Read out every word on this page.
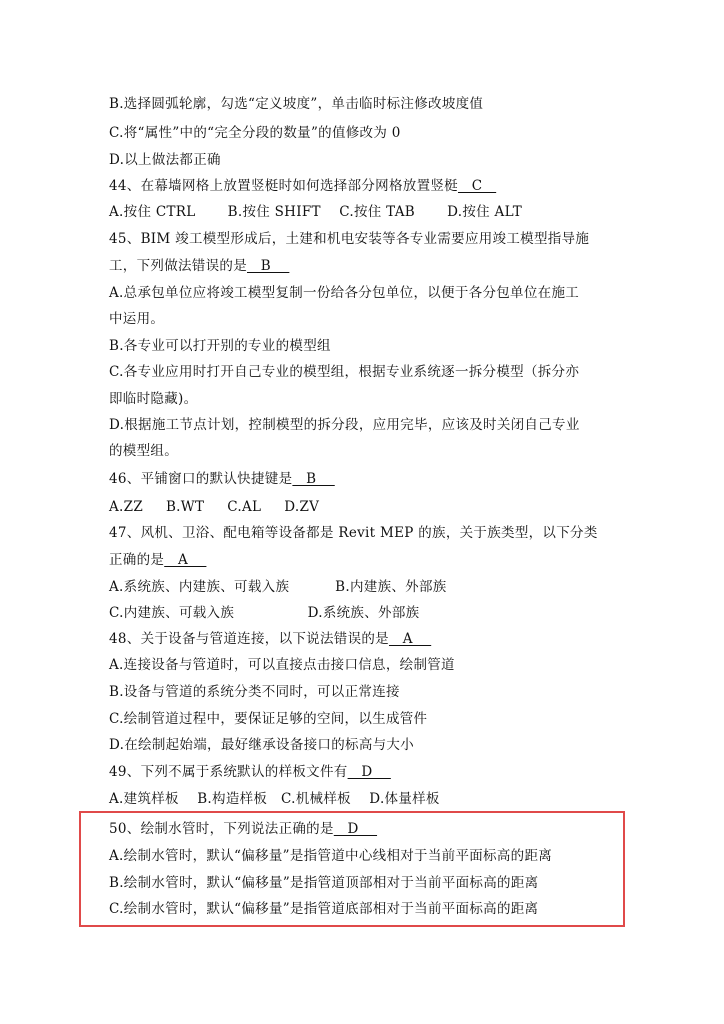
B.选择圆弧轮廓，勾选“定义坡度”，单击临时标注修改坡度值
C.将“属性”中的“完全分段的数量”的值修改为 0
D.以上做法都正确
44、在幕墙网格上放置竖梃时如何选择部分网格放置竖梃   C
A.按住 CTRL       B.按住 SHIFT    C.按住 TAB       D.按住 ALT
45、BIM 竣工模型形成后，土建和机电安装等各专业需要应用竣工模型指导施
工，下列做法错误的是   B
A.总承包单位应将竣工模型复制一份给各分包单位，以便于各分包单位在施工
中运用。
B.各专业可以打开别的专业的模型组
C.各专业应用时打开自己专业的模型组，根据专业系统逐一拆分模型（拆分亦
即临时隐藏)。
D.根据施工节点计划，控制模型的拆分段，应用完毕，应该及时关闭自己专业
的模型组。
46、平铺窗口的默认快捷键是   B
A.ZZ     B.WT     C.AL     D.ZV
47、风机、卫浴、配电箱等设备都是 Revit MEP 的族，关于族类型，以下分类
正确的是   A
A.系统族、内建族、可载入族          B.内建族、外部族
C.内建族、可载入族                D.系统族、外部族
48、关于设备与管道连接，以下说法错误的是   A
A.连接设备与管道时，可以直接点击接口信息，绘制管道
B.设备与管道的系统分类不同时，可以正常连接
C.绘制管道过程中，要保证足够的空间，以生成管件
D.在绘制起始端，最好继承设备接口的标高与大小
49、下列不属于系统默认的样板文件有   D
A.建筑样板    B.构造样板   C.机械样板    D.体量样板
50、绘制水管时，下列说法正确的是   D
A.绘制水管时，默认“偏移量”是指管道中心线相对于当前平面标高的距离
B.绘制水管时，默认“偏移量”是指管道顶部相对于当前平面标高的距离
C.绘制水管时，默认“偏移量”是指管道底部相对于当前平面标高的距离
